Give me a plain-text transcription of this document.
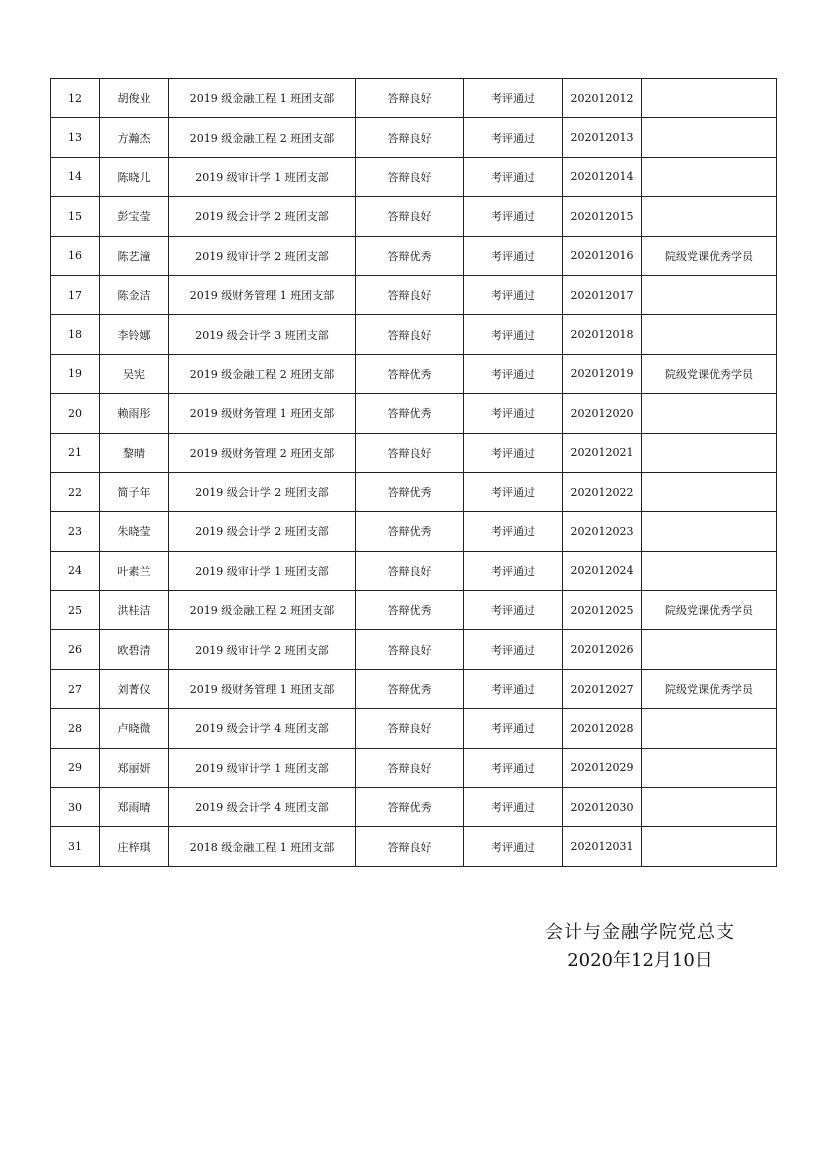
12	胡俊业	2019 级金融工程 1 班团支部	答辩良好	考评通过	202012012	
13	方瀚杰	2019 级金融工程 2 班团支部	答辩良好	考评通过	202012013	
14	陈晓儿	2019 级审计学 1 班团支部	答辩良好	考评通过	202012014	
15	彭宝莹	2019 级会计学 2 班团支部	答辩良好	考评通过	202012015	
16	陈艺潼	2019 级审计学 2 班团支部	答辩优秀	考评通过	202012016	院级党课优秀学员
17	陈金洁	2019 级财务管理 1 班团支部	答辩良好	考评通过	202012017	
18	李铃娜	2019 级会计学 3 班团支部	答辩良好	考评通过	202012018	
19	吴宪	2019 级金融工程 2 班团支部	答辩优秀	考评通过	202012019	院级党课优秀学员
20	赖雨彤	2019 级财务管理 1 班团支部	答辩优秀	考评通过	202012020	
21	黎晴	2019 级财务管理 2 班团支部	答辩良好	考评通过	202012021	
22	简子年	2019 级会计学 2 班团支部	答辩优秀	考评通过	202012022	
23	朱晓莹	2019 级会计学 2 班团支部	答辩优秀	考评通过	202012023	
24	叶素兰	2019 级审计学 1 班团支部	答辩良好	考评通过	202012024	
25	洪桂洁	2019 级金融工程 2 班团支部	答辩优秀	考评通过	202012025	院级党课优秀学员
26	欧碧清	2019 级审计学 2 班团支部	答辩良好	考评通过	202012026	
27	刘菁仪	2019 级财务管理 1 班团支部	答辩优秀	考评通过	202012027	院级党课优秀学员
28	卢晓微	2019 级会计学 4 班团支部	答辩良好	考评通过	202012028	
29	郑丽妍	2019 级审计学 1 班团支部	答辩良好	考评通过	202012029	
30	郑雨晴	2019 级会计学 4 班团支部	答辩优秀	考评通过	202012030	
31	庄梓琪	2018 级金融工程 1 班团支部	答辩良好	考评通过	202012031	
会计与金融学院党总支
2020年12月10日
